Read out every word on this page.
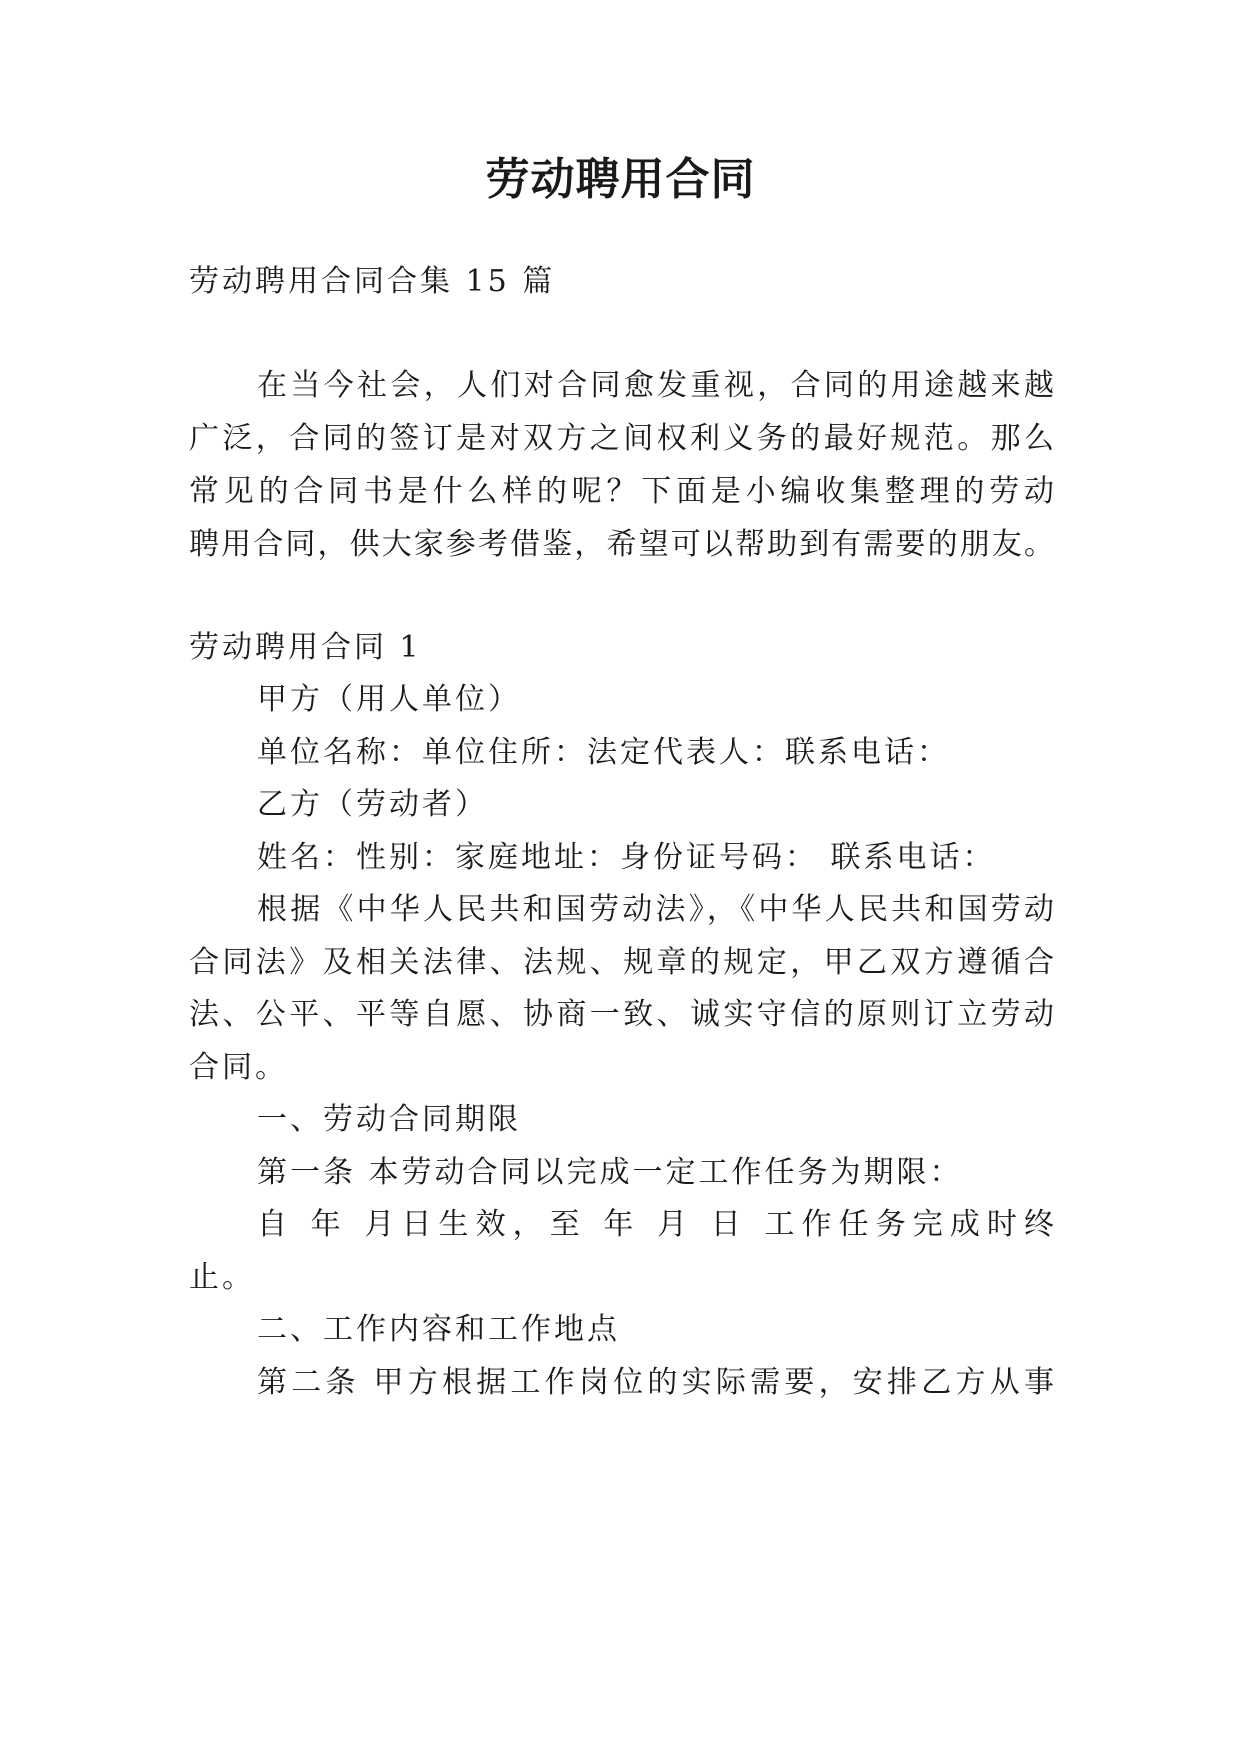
劳动聘用合同
劳动聘用合同合集 15 篇
在当今社会，人们对合同愈发重视，合同的用途越来越
广泛，合同的签订是对双方之间权利义务的最好规范。那么
常见的合同书是什么样的呢？下面是小编收集整理的劳动
聘用合同，供大家参考借鉴，希望可以帮助到有需要的朋友。
劳动聘用合同 1
甲方（用人单位）
单位名称：单位住所：法定代表人：联系电话：
乙方（劳动者）
姓名：性别：家庭地址：身份证号码： 联系电话：
根据《中华人民共和国劳动法》，《中华人民共和国劳动
合同法》及相关法律、法规、规章的规定，甲乙双方遵循合
法、公平、平等自愿、协商一致、诚实守信的原则订立劳动
合同。
一、劳动合同期限
第一条 本劳动合同以完成一定工作任务为期限：
自 年 月日生效，至 年 月 日 工作任务完成时终
止。
二、工作内容和工作地点
第二条 甲方根据工作岗位的实际需要，安排乙方从事
